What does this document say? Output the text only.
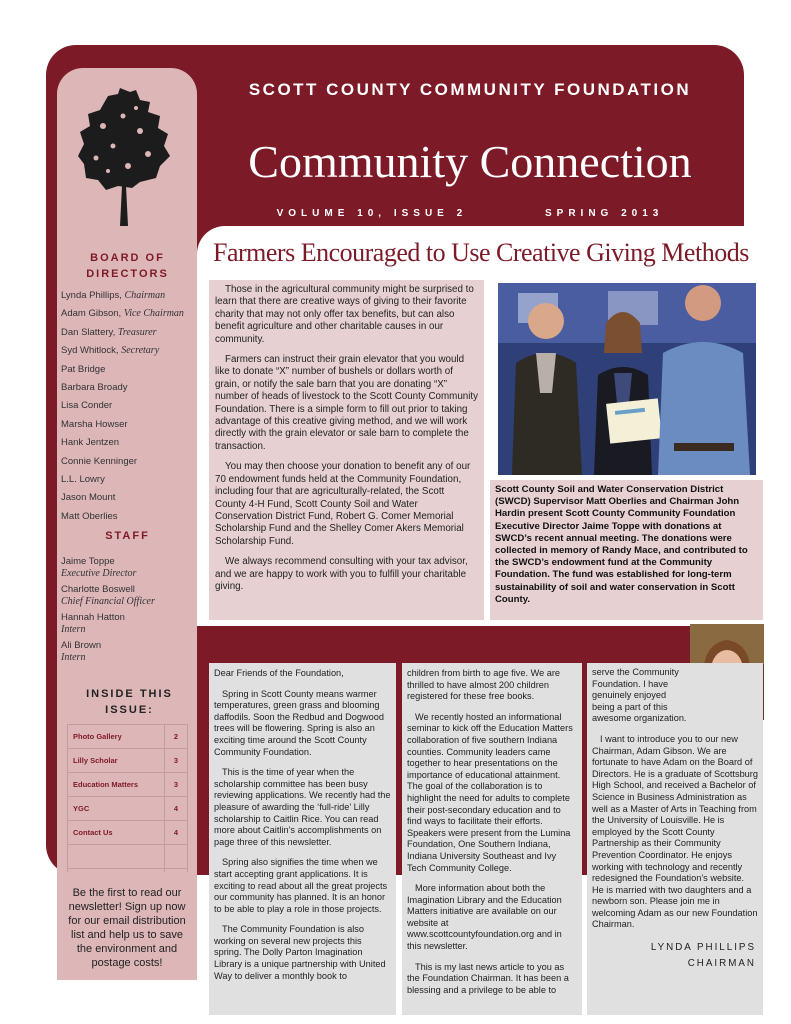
SCOTT COUNTY COMMUNITY FOUNDATION
Community Connection
VOLUME 10, ISSUE 2	SPRING 2013
BOARD OF DIRECTORS
Lynda Phillips, Chairman
Adam Gibson, Vice Chairman
Dan Slattery, Treasurer
Syd Whitlock, Secretary
Pat Bridge
Barbara Broady
Lisa Conder
Marsha Howser
Hank Jentzen
Connie Kenninger
L.L. Lowry
Jason Mount
Matt Oberlies
STAFF
Jaime Toppe
Executive Director
Charlotte Boswell
Chief Financial Officer
Hannah Hatton
Intern
Ali Brown
Intern
INSIDE THIS ISSUE:
Photo Gallery	2
Lilly Scholar	3
Education Matters	3
YGC	4
Contact Us	4
Be the first to read our newsletter! Sign up now for our email distribution list and help us to save the environment and postage costs!
Farmers Encouraged to Use Creative Giving Methods

Those in the agricultural community might be surprised to learn that there are creative ways of giving to their favorite charity that may not only offer tax benefits, but can also benefit agriculture and other charitable causes in our community.

Farmers can instruct their grain elevator that you would like to donate “X” number of bushels or dollars worth of grain, or notify the sale barn that you are donating “X” number of heads of livestock to the Scott County Community Foundation. There is a simple form to fill out prior to taking advantage of this creative giving method, and we will work directly with the grain elevator or sale barn to complete the transaction.

You may then choose your donation to benefit any of our 70 endowment funds held at the Community Foundation, including four that are agriculturally-related, the Scott County 4-H Fund, Scott County Soil and Water Conservation District Fund, Robert G. Comer Memorial Scholarship Fund and the Shelley Comer Akers Memorial Scholarship Fund.

We always recommend consulting with your tax advisor, and we are happy to work with you to fulfill your charitable giving.

Scott County Soil and Water Conservation District (SWCD) Supervisor Matt Oberlies and Chairman John Hardin present Scott County Community Foundation Executive Director Jaime Toppe with donations at SWCD’s recent annual meeting. The donations were collected in memory of Randy Mace, and contributed to the SWCD’s endowment fund at the Community Foundation. The fund was established for long-term sustainability of soil and water conservation in Scott County.
Thoughts From Our Chairman

Dear Friends of the Foundation,

Spring in Scott County means warmer temperatures, green grass and blooming daffodils. Soon the Redbud and Dogwood trees will be flowering. Spring is also an exciting time around the Scott County Community Foundation.

This is the time of year when the scholarship committee has been busy reviewing applications. We recently had the pleasure of awarding the ‘full-ride’ Lilly scholarship to Caitlin Rice. You can read more about Caitlin’s accomplishments on page three of this newsletter.

Spring also signifies the time when we start accepting grant applications. It is exciting to read about all the great projects our community has planned. It is an honor to be able to play a role in those projects.

The Community Foundation is also working on several new projects this spring. The Dolly Parton Imagination Library is a unique partnership with United Way to deliver a monthly book to

children from birth to age five. We are thrilled to have almost 200 children registered for these free books.

We recently hosted an informational seminar to kick off the Education Matters collaboration of five southern Indiana counties. Community leaders came together to hear presentations on the importance of educational attainment. The goal of the collaboration is to highlight the need for adults to complete their post-secondary education and to find ways to facilitate their efforts. Speakers were present from the Lumina Foundation, One Southern Indiana, Indiana University Southeast and Ivy Tech Community College.

More information about both the Imagination Library and the Education Matters initiative are available on our website at www.scottcountyfoundation.org and in this newsletter.

This is my last news article to you as the Foundation Chairman. It has been a blessing and a privilege to be able to

serve the Community Foundation. I have genuinely enjoyed being a part of this awesome organization.

I want to introduce you to our new Chairman, Adam Gibson. We are fortunate to have Adam on the Board of Directors. He is a graduate of Scottsburg High School, and received a Bachelor of Science in Business Administration as well as a Master of Arts in Teaching from the University of Louisville. He is employed by the Scott County Partnership as their Community Prevention Coordinator. He enjoys working with technology and recently redesigned the Foundation’s website. He is married with two daughters and a newborn son. Please join me in welcoming Adam as our new Foundation Chairman.

LYNDA PHILLIPS
CHAIRMAN
